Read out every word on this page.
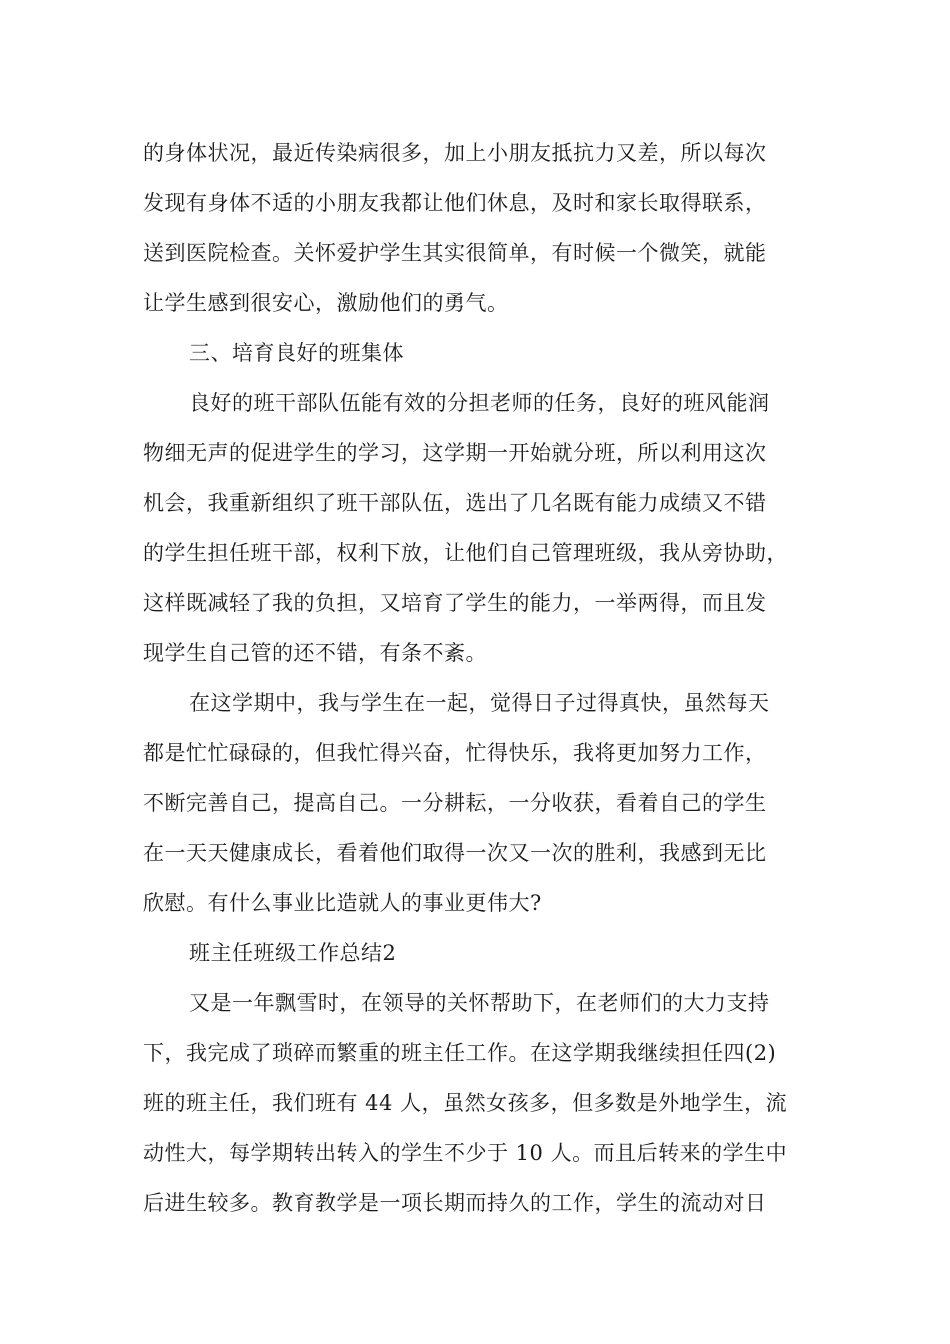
的身体状况，最近传染病很多，加上小朋友抵抗力又差，所以每次
发现有身体不适的小朋友我都让他们休息，及时和家长取得联系，
送到医院检查。关怀爱护学生其实很简单，有时候一个微笑，就能
让学生感到很安心，激励他们的勇气。
三、培育良好的班集体
良好的班干部队伍能有效的分担老师的任务，良好的班风能润
物细无声的促进学生的学习，这学期一开始就分班，所以利用这次
机会，我重新组织了班干部队伍，选出了几名既有能力成绩又不错
的学生担任班干部，权利下放，让他们自己管理班级，我从旁协助，
这样既减轻了我的负担，又培育了学生的能力，一举两得，而且发
现学生自己管的还不错，有条不紊。
在这学期中，我与学生在一起，觉得日子过得真快，虽然每天
都是忙忙碌碌的，但我忙得兴奋，忙得快乐，我将更加努力工作，
不断完善自己，提高自己。一分耕耘，一分收获，看着自己的学生
在一天天健康成长，看着他们取得一次又一次的胜利，我感到无比
欣慰。有什么事业比造就人的事业更伟大?
班主任班级工作总结2
又是一年飘雪时，在领导的关怀帮助下，在老师们的大力支持
下，我完成了琐碎而繁重的班主任工作。在这学期我继续担任四(2)
班的班主任，我们班有 44 人，虽然女孩多，但多数是外地学生，流
动性大，每学期转出转入的学生不少于 10 人。而且后转来的学生中
后进生较多。教育教学是一项长期而持久的工作，学生的流动对日
